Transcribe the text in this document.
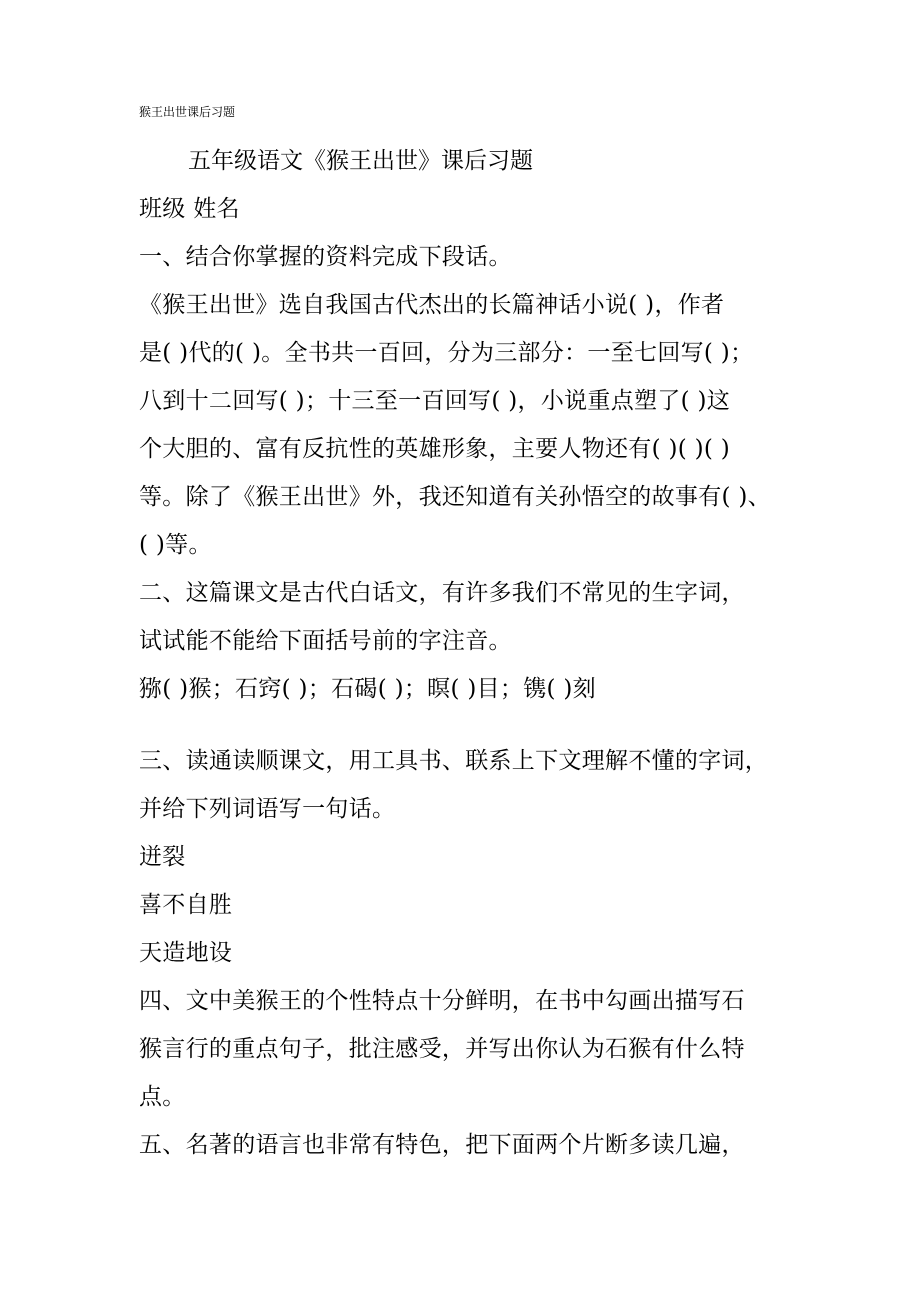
猴王出世课后习题
五年级语文《猴王出世》课后习题
班级 姓名
一、结合你掌握的资料完成下段话。
《猴王出世》选自我国古代杰出的长篇神话小说( )，作者
是( )代的( )。全书共一百回，分为三部分：一至七回写( )；
八到十二回写( )；十三至一百回写( )，小说重点塑了( )这
个大胆的、富有反抗性的英雄形象，主要人物还有( )( )( )
等。除了《猴王出世》外，我还知道有关孙悟空的故事有( )、
( )等。
二、这篇课文是古代白话文，有许多我们不常见的生字词，
试试能不能给下面括号前的字注音。
猕( )猴；石窍( )；石碣( )；暝( )目；镌( )刻
三、读通读顺课文，用工具书、联系上下文理解不懂的字词，
并给下列词语写一句话。
迸裂
喜不自胜
天造地设
四、文中美猴王的个性特点十分鲜明，在书中勾画出描写石
猴言行的重点句子，批注感受，并写出你认为石猴有什么特
点。
五、名著的语言也非常有特色，把下面两个片断多读几遍，
